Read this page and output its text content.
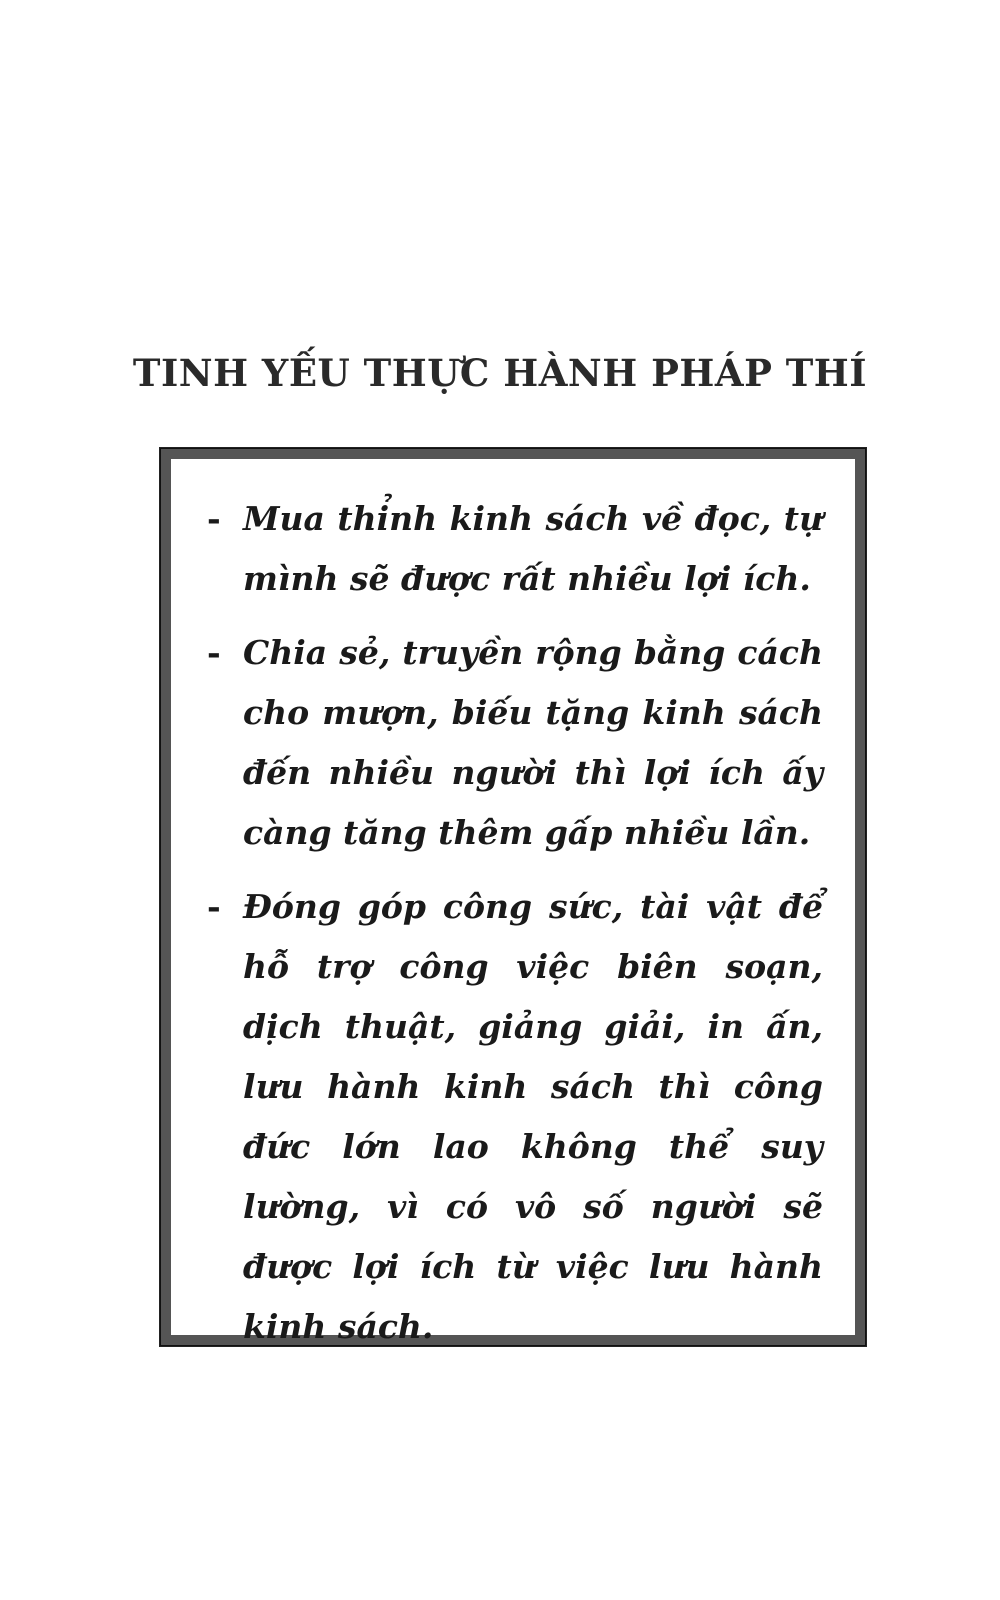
TINH YẾU THỰC HÀNH PHÁP THÍ
- Mua thỉnh kinh sách về đọc, tự mình sẽ được rất nhiều lợi ích.
- Chia sẻ, truyền rộng bằng cách cho mượn, biếu tặng kinh sách đến nhiều người thì lợi ích ấy càng tăng thêm gấp nhiều lần.
- Đóng góp công sức, tài vật để hỗ trợ công việc biên soạn, dịch thuật, giảng giải, in ấn, lưu hành kinh sách thì công đức lớn lao không thể suy lường, vì có vô số người sẽ được lợi ích từ việc lưu hành kinh sách.
